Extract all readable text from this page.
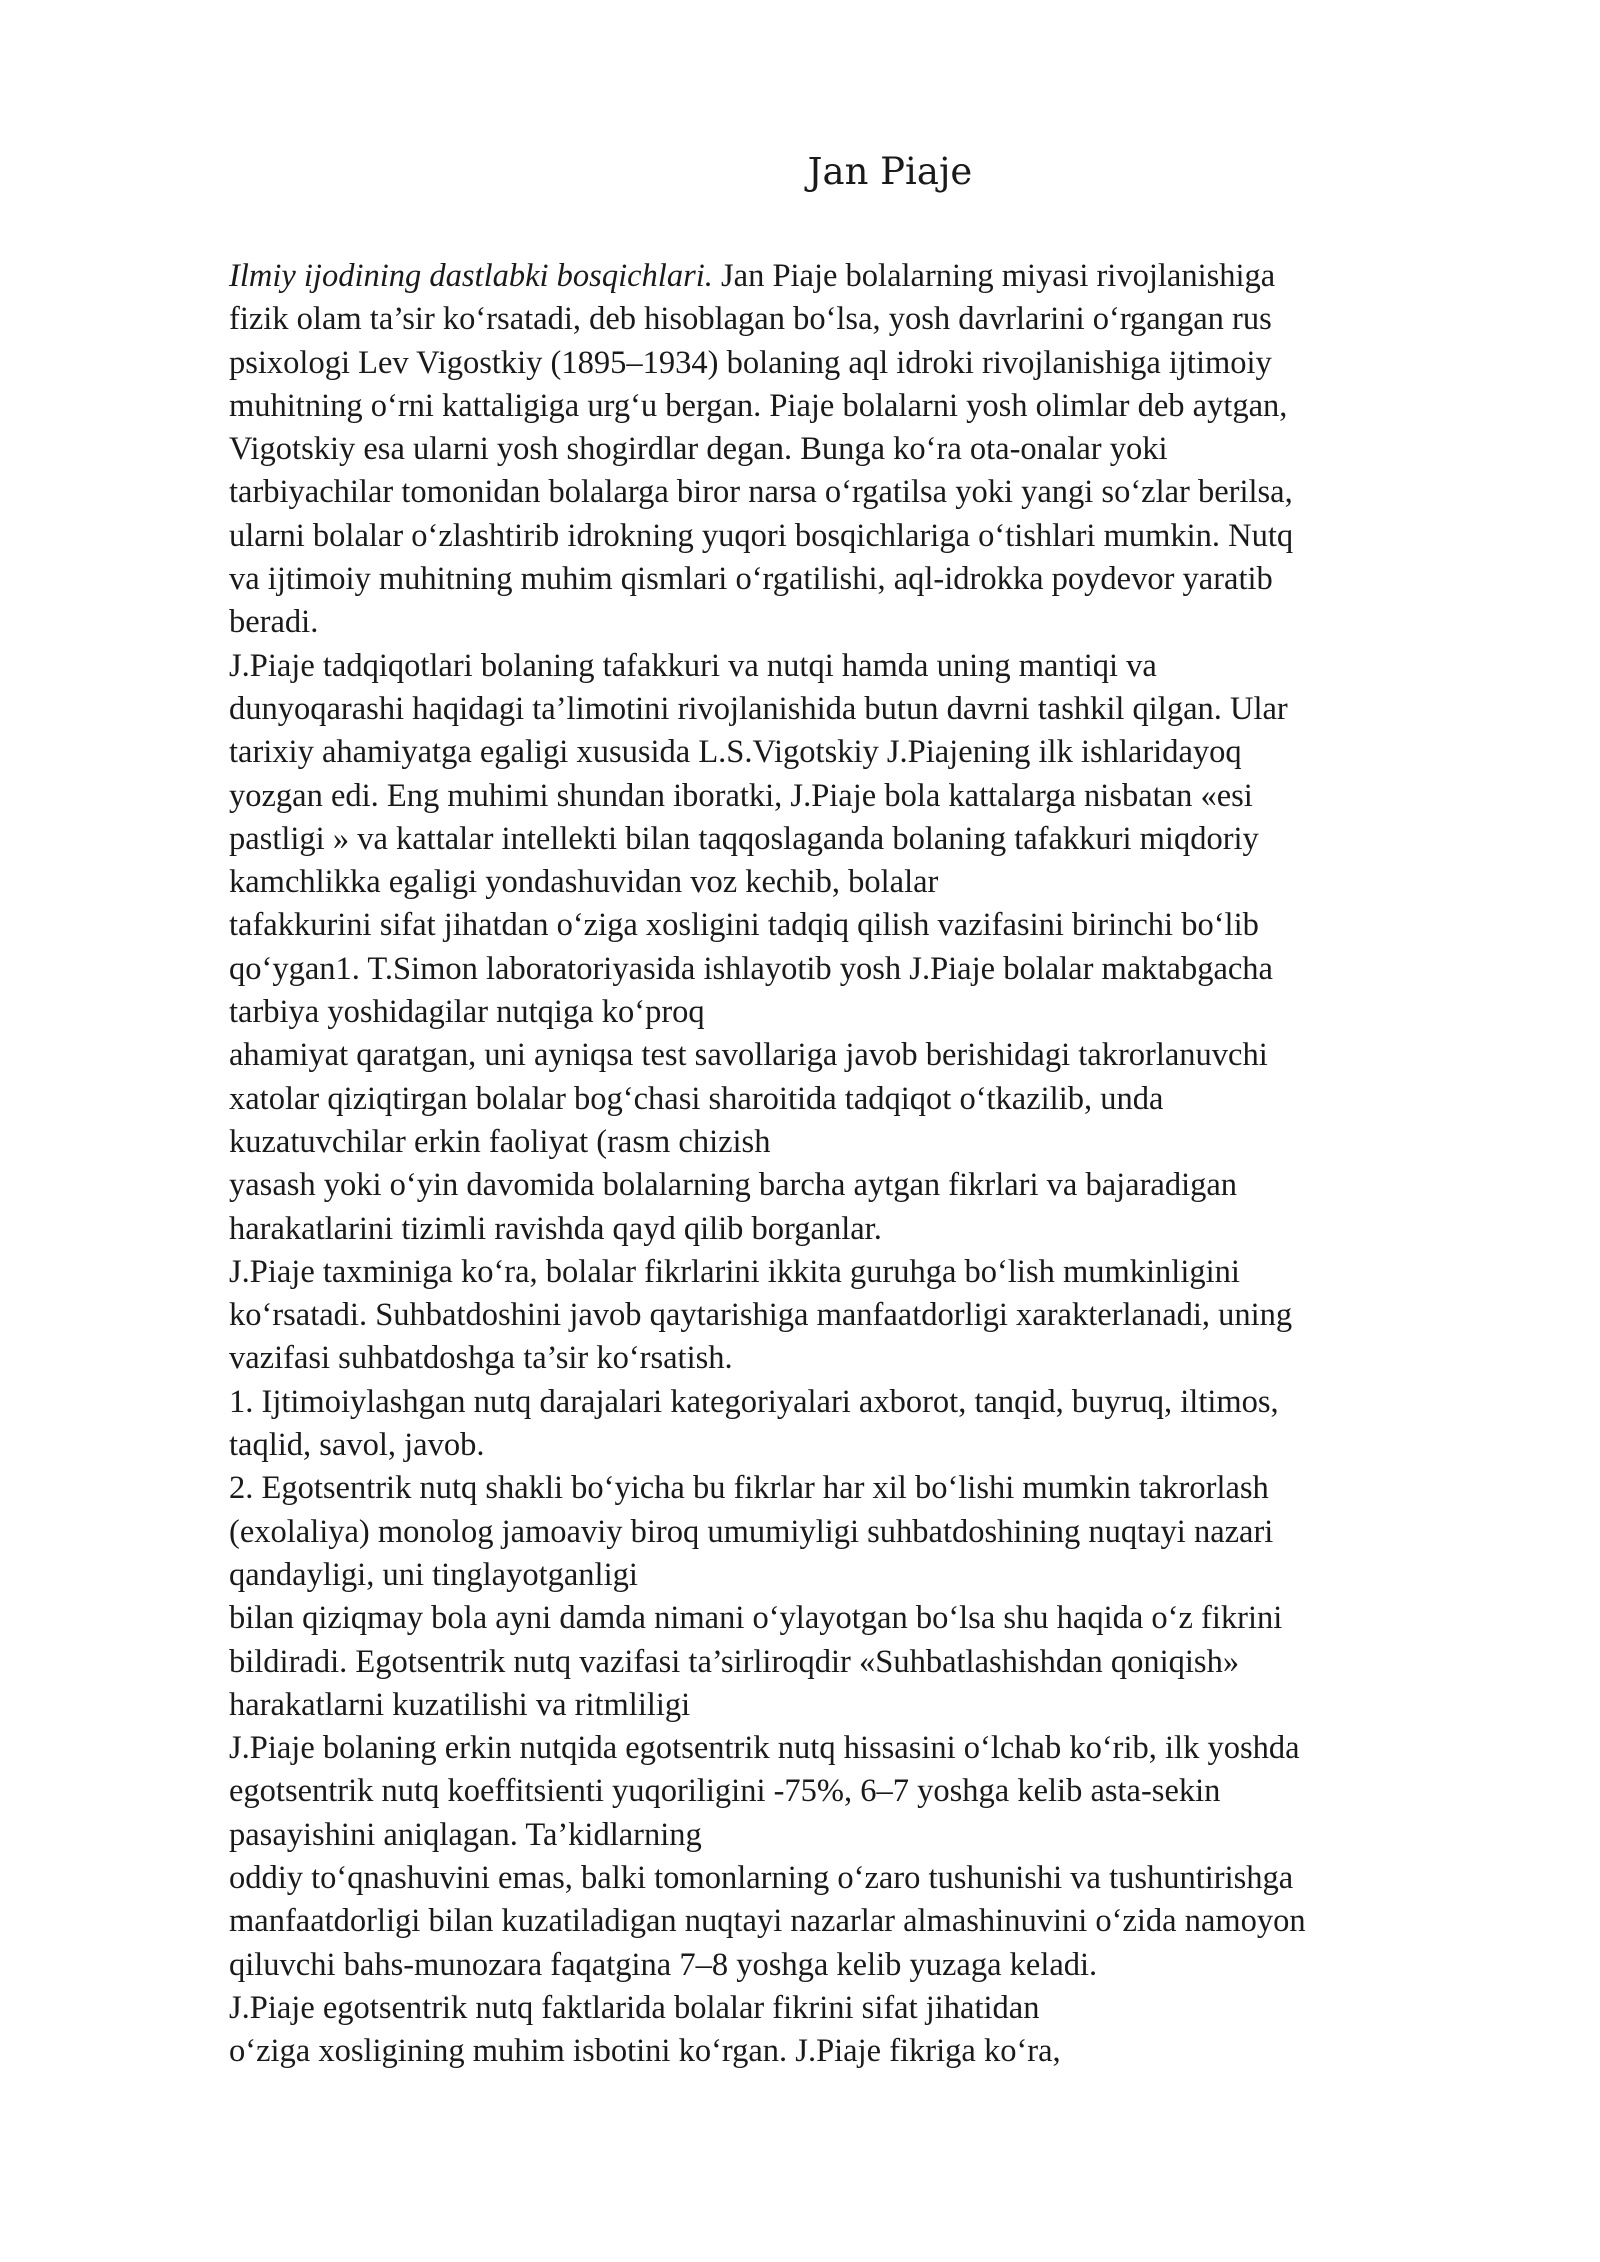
Jan Piaje
Ilmiy ijodining dastlabki bosqichlari. Jan Piaje bolalarning miyasi rivojlanishiga
fizik olam ta’sir ko‘rsatadi, deb hisoblagan bo‘lsa, yosh davrlarini o‘rgangan rus
psixologi Lev Vigostkiy (1895–1934) bolaning aql idroki rivojlanishiga ijtimoiy
muhitning o‘rni kattaligiga urg‘u bergan. Piaje bolalarni yosh olimlar deb aytgan,
Vigotskiy esa ularni yosh shogirdlar degan. Bunga ko‘ra ota-onalar yoki
tarbiyachilar tomonidan bolalarga biror narsa o‘rgatilsa yoki yangi so‘zlar berilsa,
ularni bolalar o‘zlashtirib idrokning yuqori bosqichlariga o‘tishlari mumkin. Nutq
va ijtimoiy muhitning muhim qismlari o‘rgatilishi, aql-idrokka poydevor yaratib
beradi.
J.Piaje tadqiqotlari bolaning tafakkuri va nutqi hamda uning mantiqi va
dunyoqarashi haqidagi ta’limotini rivojlanishida butun davrni tashkil qilgan. Ular
tarixiy ahamiyatga egaligi xususida L.S.Vigotskiy J.Piajening ilk ishlaridayoq
yozgan edi. Eng muhimi shundan iboratki, J.Piaje bola kattalarga nisbatan «esi
pastligi » va kattalar intellekti bilan taqqoslaganda bolaning tafakkuri miqdoriy
kamchlikka egaligi yondashuvidan voz kechib, bolalar
tafakkurini sifat jihatdan o‘ziga xosligini tadqiq qilish vazifasini birinchi bo‘lib
qo‘ygan1. T.Simon laboratoriyasida ishlayotib yosh J.Piaje bolalar maktabgacha
tarbiya yoshidagilar nutqiga ko‘proq
ahamiyat qaratgan, uni ayniqsa test savollariga javob berishidagi takrorlanuvchi
xatolar qiziqtirgan bolalar bog‘chasi sharoitida tadqiqot o‘tkazilib, unda
kuzatuvchilar erkin faoliyat (rasm chizish
yasash yoki o‘yin davomida bolalarning barcha aytgan fikrlari va bajaradigan
harakatlarini tizimli ravishda qayd qilib borganlar.
J.Piaje taxminiga ko‘ra, bolalar fikrlarini ikkita guruhga bo‘lish mumkinligini
ko‘rsatadi. Suhbatdoshini javob qaytarishiga manfaatdorligi xarakterlanadi, uning
vazifasi suhbatdoshga ta’sir ko‘rsatish.
1. Ijtimoiylashgan nutq darajalari kategoriyalari axborot, tanqid, buyruq, iltimos,
taqlid, savol, javob.
2. Egotsentrik nutq shakli bo‘yicha bu fikrlar har xil bo‘lishi mumkin takrorlash
(exolaliya) monolog jamoaviy biroq umumiyligi suhbatdoshining nuqtayi nazari
qandayligi, uni tinglayotganligi
bilan qiziqmay bola ayni damda nimani o‘ylayotgan bo‘lsa shu haqida o‘z fikrini
bildiradi. Egotsentrik nutq vazifasi ta’sirliroqdir «Suhbatlashishdan qoniqish»
harakatlarni kuzatilishi va ritmliligi
J.Piaje bolaning erkin nutqida egotsentrik nutq hissasini o‘lchab ko‘rib, ilk yoshda
egotsentrik nutq koeffitsienti yuqoriligini -75%, 6–7 yoshga kelib asta-sekin
pasayishini aniqlagan. Ta’kidlarning
oddiy to‘qnashuvini emas, balki tomonlarning o‘zaro tushunishi va tushuntirishga
manfaatdorligi bilan kuzatiladigan nuqtayi nazarlar almashinuvini o‘zida namoyon
qiluvchi bahs-munozara faqatgina 7–8 yoshga kelib yuzaga keladi.
J.Piaje egotsentrik nutq faktlarida bolalar fikrini sifat jihatidan
o‘ziga xosligining muhim isbotini ko‘rgan. J.Piaje fikriga ko‘ra,
